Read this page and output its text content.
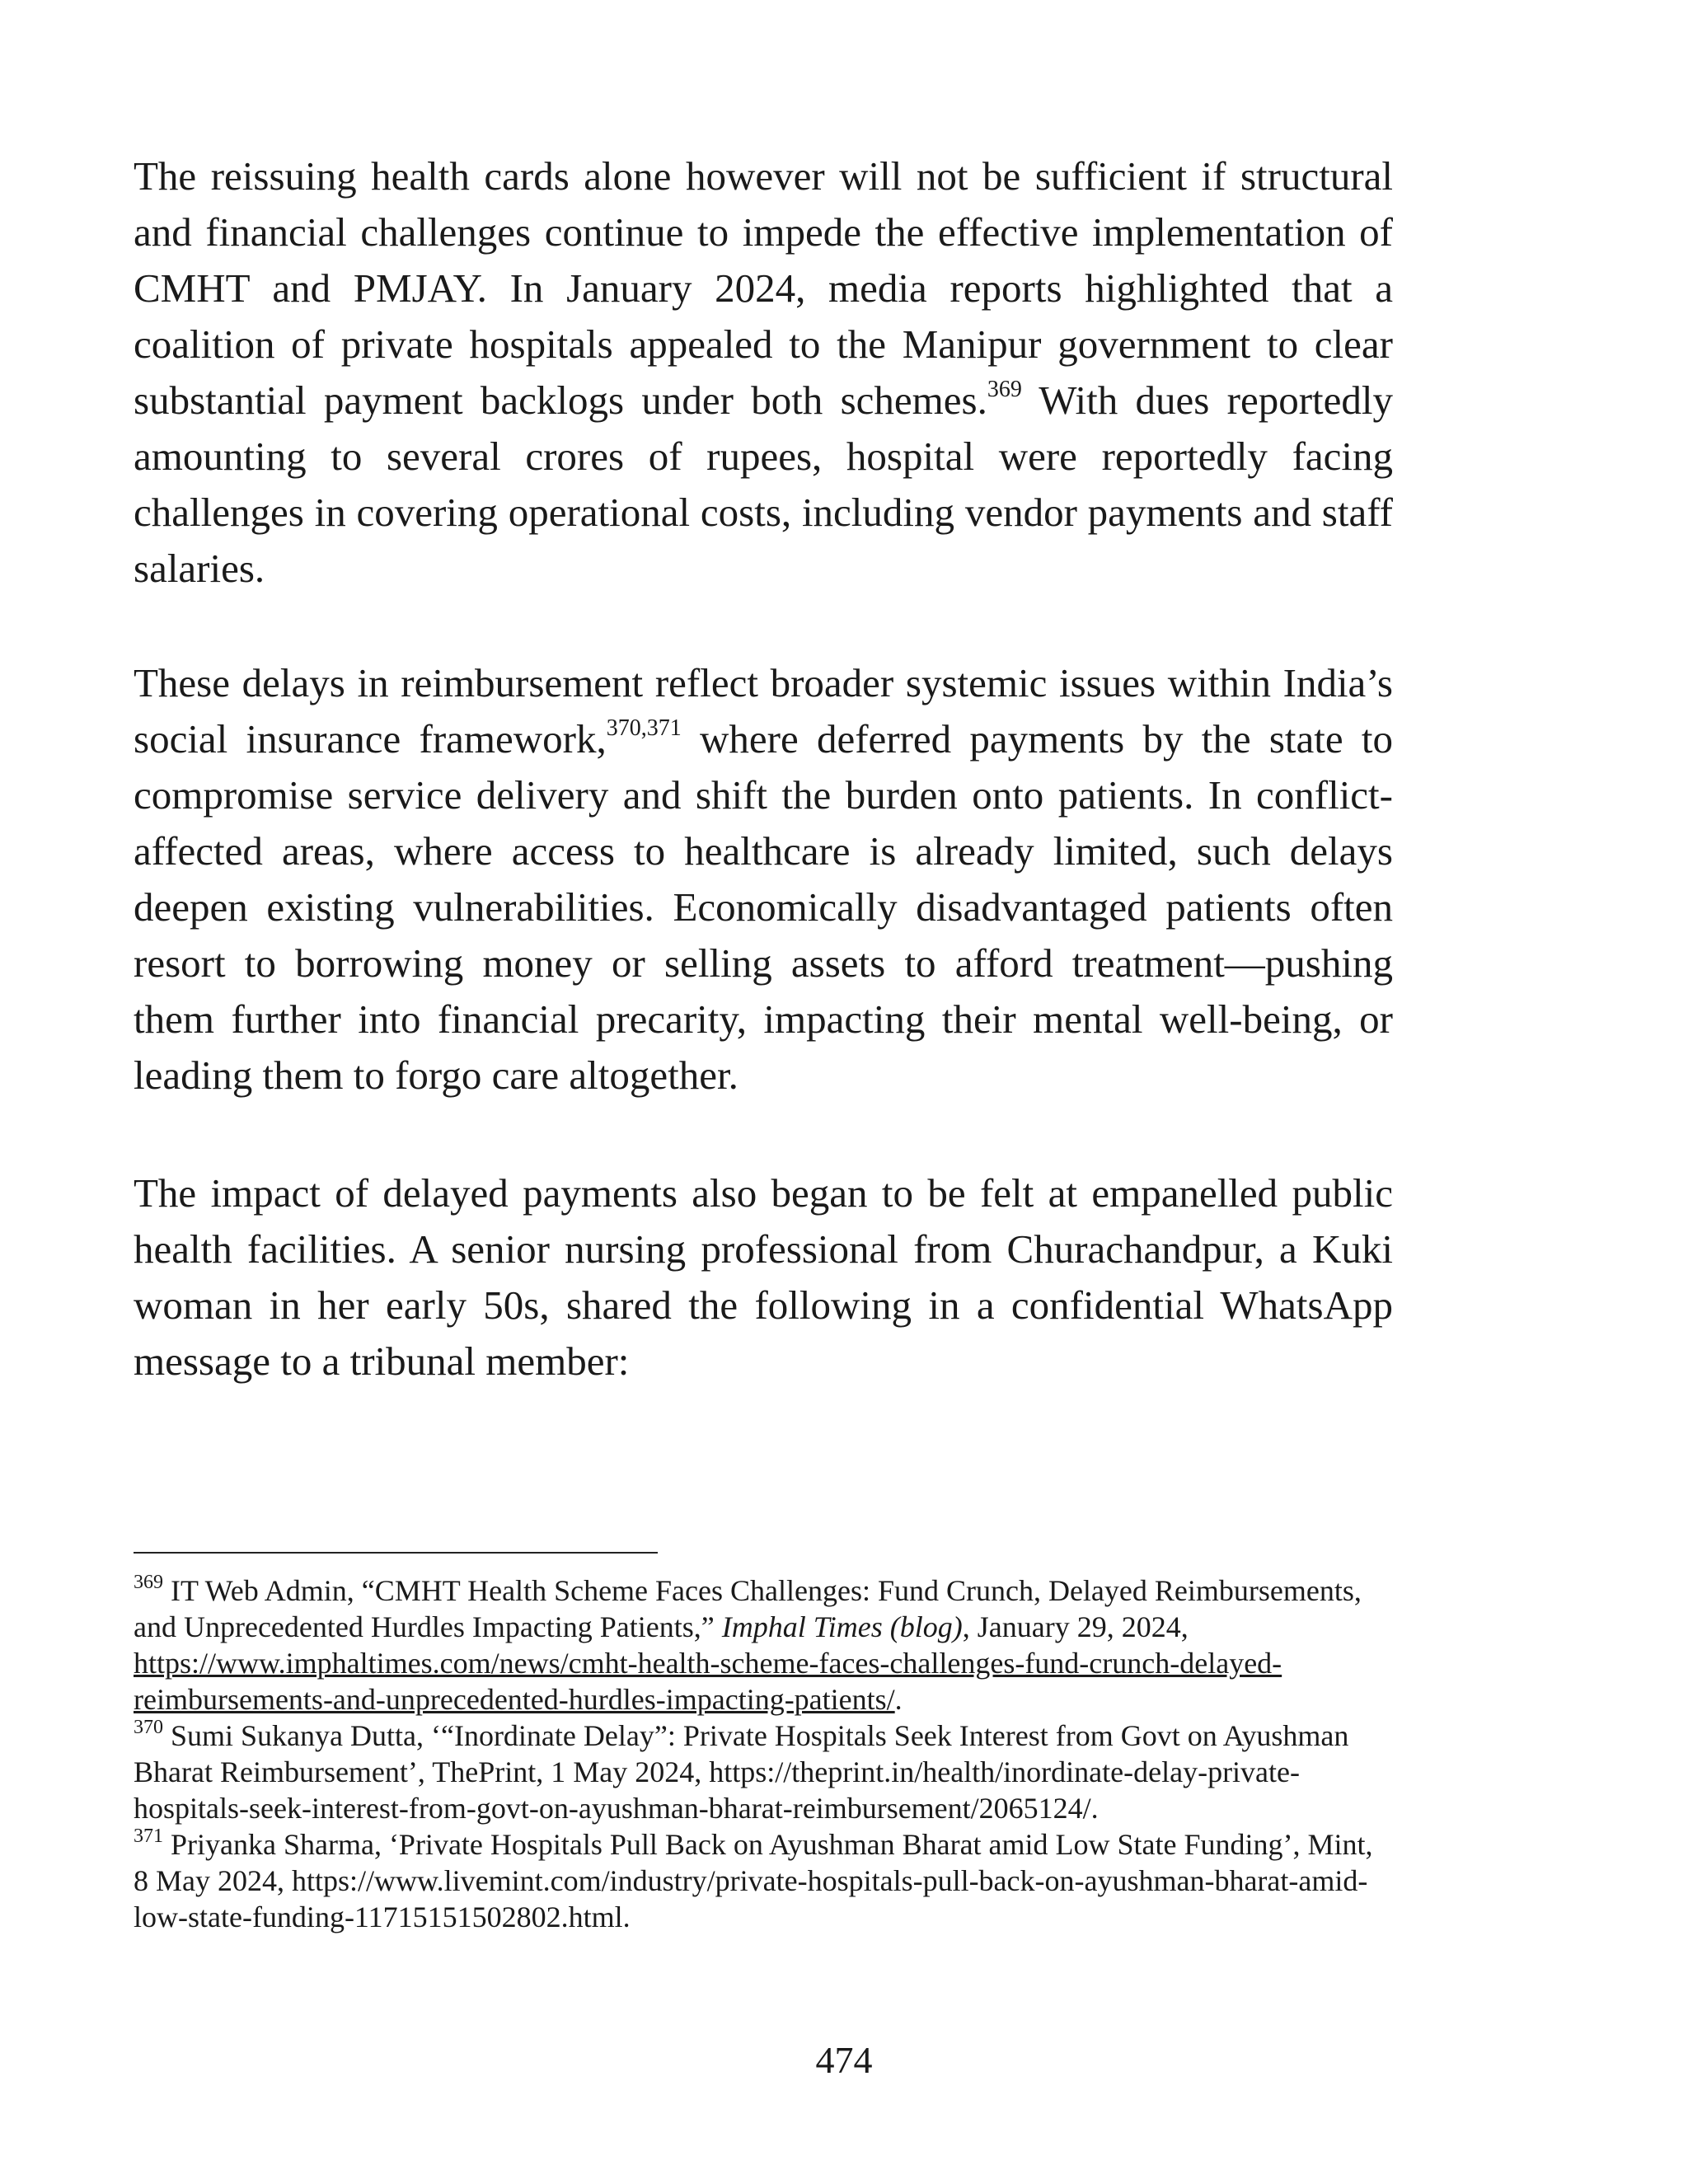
The reissuing health cards alone however will not be sufficient if structural and financial challenges continue to impede the effective implementation of CMHT and PMJAY. In January 2024, media reports highlighted that a coalition of private hospitals appealed to the Manipur government to clear substantial payment backlogs under both schemes.$^{369}$ With dues reportedly amounting to several crores of rupees, hospital were reportedly facing challenges in covering operational costs, including vendor payments and staff salaries.

These delays in reimbursement reflect broader systemic issues within India’s social insurance framework,$^{370,371}$ where deferred payments by the state to compromise service delivery and shift the burden onto patients. In conflict-affected areas, where access to healthcare is already limited, such delays deepen existing vulnerabilities. Economically disadvantaged patients often resort to borrowing money or selling assets to afford treatment—pushing them further into financial precarity, impacting their mental well-being, or leading them to forgo care altogether.

The impact of delayed payments also began to be felt at empanelled public health facilities. A senior nursing professional from Churachandpur, a Kuki woman in her early 50s, shared the following in a confidential WhatsApp message to a tribunal member:

$^{369}$ IT Web Admin, “CMHT Health Scheme Faces Challenges: Fund Crunch, Delayed Reimbursements, and Unprecedented Hurdles Impacting Patients,” Imphal Times (blog), January 29, 2024, https://www.imphaltimes.com/news/cmht-health-scheme-faces-challenges-fund-crunch-delayed-reimbursements-and-unprecedented-hurdles-impacting-patients/.

$^{370}$ Sumi Sukanya Dutta, ‘“Inordinate Delay”: Private Hospitals Seek Interest from Govt on Ayushman Bharat Reimbursement’, ThePrint, 1 May 2024, https://theprint.in/health/inordinate-delay-private-hospitals-seek-interest-from-govt-on-ayushman-bharat-reimbursement/2065124/.

$^{371}$ Priyanka Sharma, ‘Private Hospitals Pull Back on Ayushman Bharat amid Low State Funding’, Mint, 8 May 2024, https://www.livemint.com/industry/private-hospitals-pull-back-on-ayushman-bharat-amid-low-state-funding-11715151502802.html.

474
